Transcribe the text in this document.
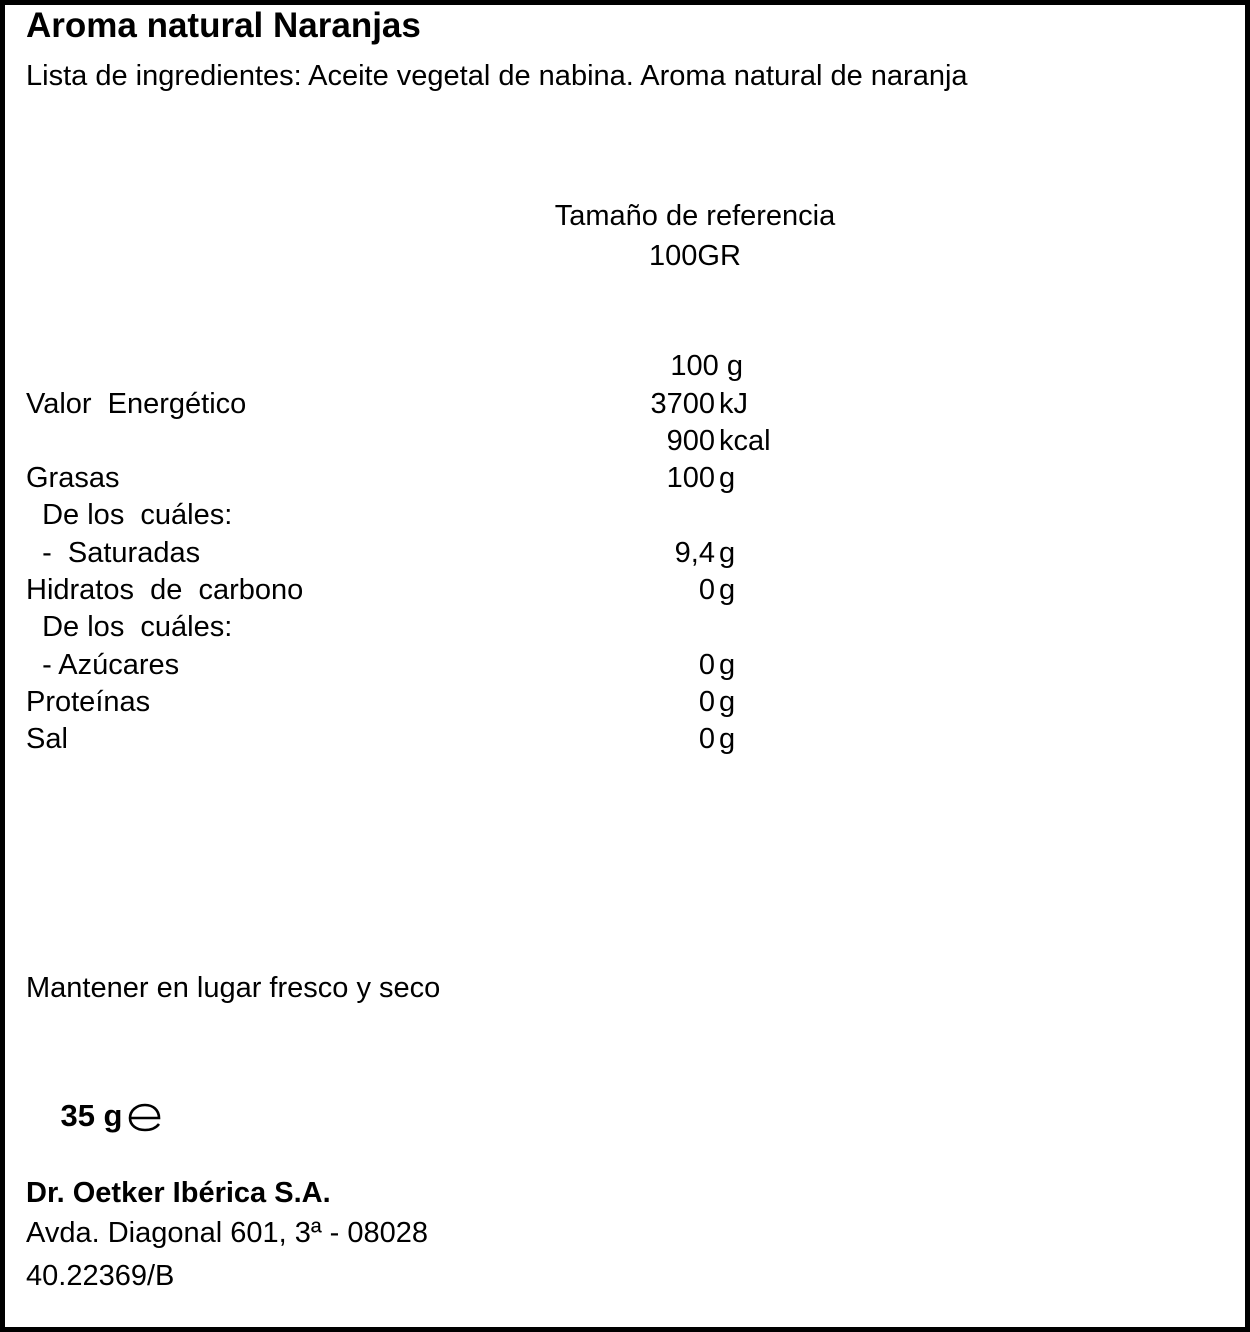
Aroma natural Naranjas
Lista de ingredientes: Aceite vegetal de nabina. Aroma natural de naranja
Tamaño de referencia
100GR
100 g
Valor  Energético	3700 kJ
900 kcal
Grasas	100 g
De los  cuáles:
-  Saturadas	9,4 g
Hidratos  de  carbono	0 g
De los  cuáles:
- Azúcares	0 g
Proteínas	0 g
Sal	0 g
Mantener en lugar fresco y seco

35 g

Dr. Oetker Ibérica S.A.
Avda. Diagonal 601, 3ª - 08028
40.22369/B
